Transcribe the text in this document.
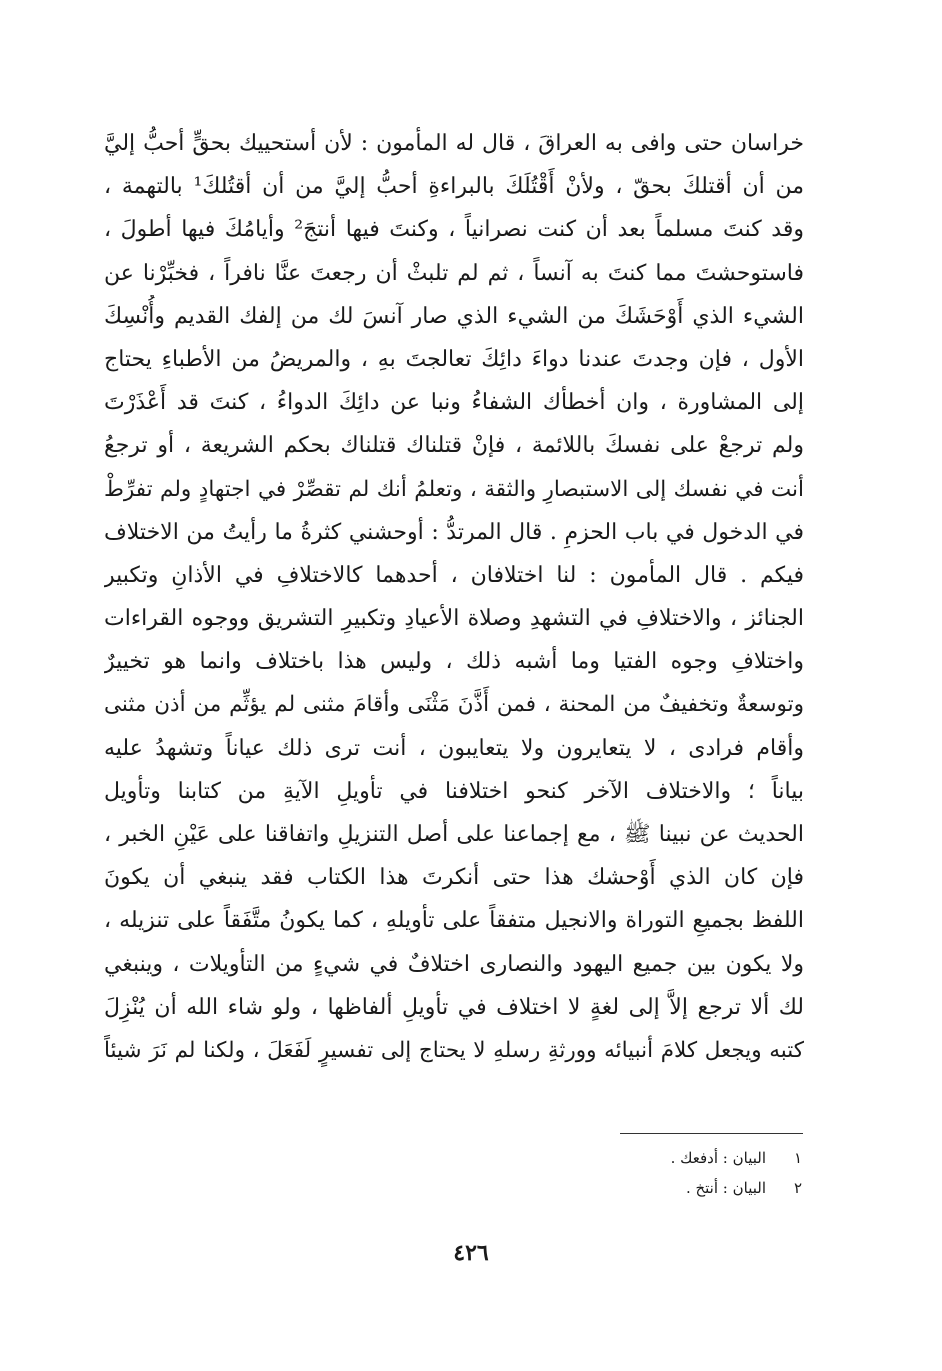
خراسان حتى وافى به العراقَ ، قال له المأمون : لأن أستحييك بحقٍّ أحبُّ إليَّ
من أن أقتلكَ بحقّ ، ولأنْ أَقْتُلَكَ بالبراءةِ أحبُّ إليَّ من أن أقتُلكَ¹ بالتهمة ،
وقد كنتَ مسلماً بعد أن كنت نصرانياً ، وكنتَ فيها أنتجَ² وأيامُكَ فيها أطولَ ،
فاستوحشتَ مما كنتَ به آنساً ، ثم لم تلبثْ أن رجعتَ عنَّا نافراً ، فخبِّرْنا عن
الشيء الذي أَوْحَشَكَ من الشيء الذي صار آنسَ لك من إلفك القديم وأُنْسِكَ
الأول ، فإن وجدتَ عندنا دواءَ دائِكَ تعالجتَ بهِ ، والمريضُ من الأطباءِ يحتاج
إلى المشاورة ، وان أخطأك الشفاءُ ونبا عن دائِكَ الدواءُ ، كنتَ قد أَعْذَرْتَ
ولم ترجعْ على نفسكَ باللائمة ، فإنْ قتلناك قتلناك بحكم الشريعة ، أو ترجعُ
أنت في نفسك إلى الاستبصارِ والثقة ، وتعلمُ أنك لم تقصِّرْ في اجتهادٍ ولم تفرِّطْ
في الدخول في باب الحزمِ . قال المرتدُّ : أوحشني كثرةُ ما رأيتُ من الاختلاف
فيكم . قال المأمون : لنا اختلافان ، أحدهما كالاختلافِ في الأذانِ وتكبير
الجنائز ، والاختلافِ في التشهدِ وصلاة الأعيادِ وتكبيرِ التشريق ووجوه القراءات
واختلافِ وجوه الفتيا وما أشبه ذلك ، وليس هذا باختلاف وانما هو تخييرٌ
وتوسعةٌ وتخفيفٌ من المحنة ، فمن أَذَّنَ مَثْنَى وأقامَ مثنى لم يؤثِّم من أذن مثنى
وأقام فرادى ، لا يتعايرون ولا يتعايبون ، أنت ترى ذلك عياناً وتشهدُ عليه
بياناً ؛ والاختلاف الآخر كنحو اختلافنا في تأويلِ الآيةِ من كتابنا وتأويل
الحديث عن نبينا ﷺ ، مع إجماعنا على أصل التنزيلِ واتفاقنا على عَيْنِ الخبر ،
فإن كان الذي أَوْحشك هذا حتى أنكرتَ هذا الكتاب فقد ينبغي أن يكونَ
اللفظ بجميعِ التوراة والانجيل متفقاً على تأويلهِ ، كما يكونُ متَّفَقاً على تنزيله ،
ولا يكون بين جميع اليهود والنصارى اختلافٌ في شيءٍ من التأويلات ، وينبغي
لك ألا ترجع إلاَّ إلى لغةٍ لا اختلاف في تأويلِ ألفاظها ، ولو شاء الله أن يُنْزِلَ
كتبه ويجعل كلامَ أنبيائه وورثةِ رسلهِ لا يحتاج إلى تفسيرٍ لَفَعَلَ ، ولكنا لم نَرَ شيئاً
١البيان : أدفعك .
٢البيان : أنتخ .
٤٢٦
